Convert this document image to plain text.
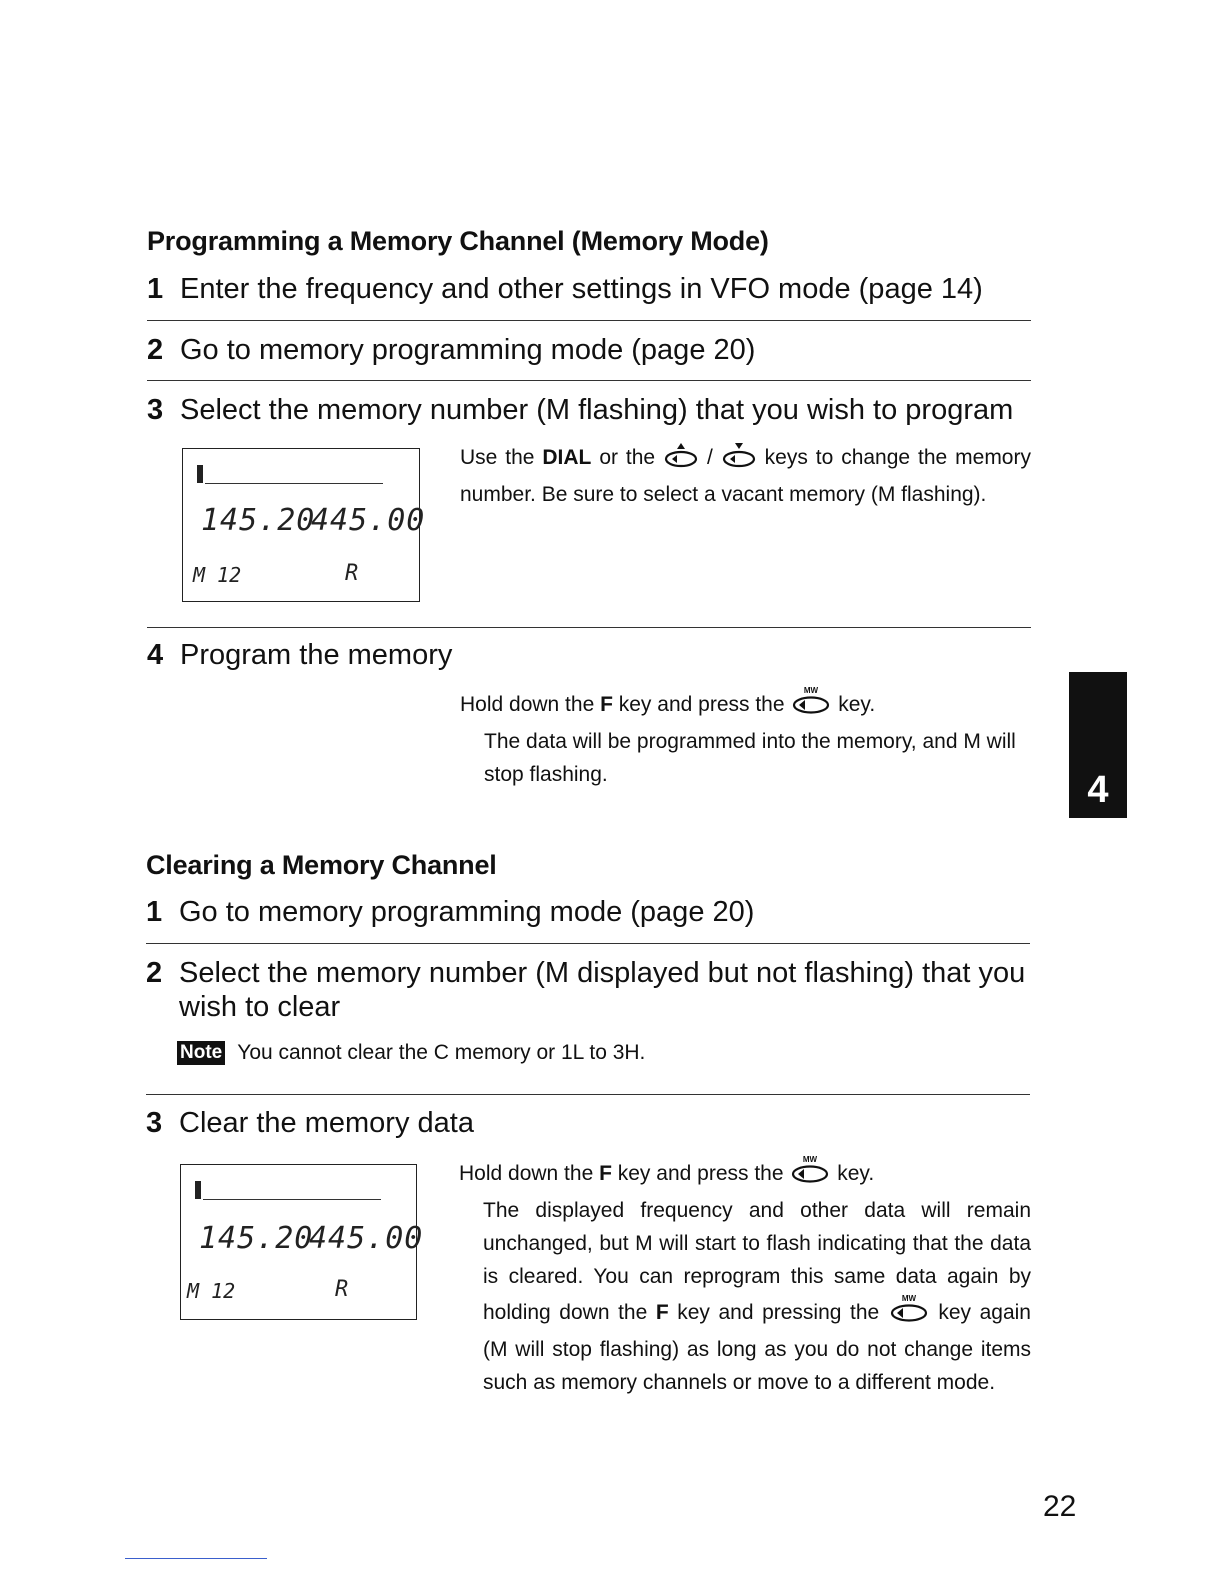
Programming a Memory Channel (Memory Mode)
1 Enter the frequency and other settings in VFO mode (page 14)
2 Go to memory programming mode (page 20)
3 Select the memory number (M flashing) that you wish to program
145.20
445.00
M 12	R
Use the DIAL or the  /  keys to change the memory number. Be sure to select a vacant memory (M flashing).
4 Program the memory
Hold down the F key and press the
MW
key.
The data will be programmed into the memory, and M will stop flashing.	4
Clearing a Memory Channel
1 Go to memory programming mode (page 20)
2 Select the memory number (M displayed but not flashing) that you wish to clear
Note You cannot clear the C memory or 1L to 3H.
3 Clear the memory data
145.20
445.00
M 12	R
Hold down the F key and press the
MW
key.
The displayed frequency and other data will remain unchanged, but M will start to flash indicating that the data is cleared. You can reprogram this same data again by holding down the F key and pressing the
MW
key again (M will stop flashing) as long as you do not change items such as memory channels or move to a different mode.
22
